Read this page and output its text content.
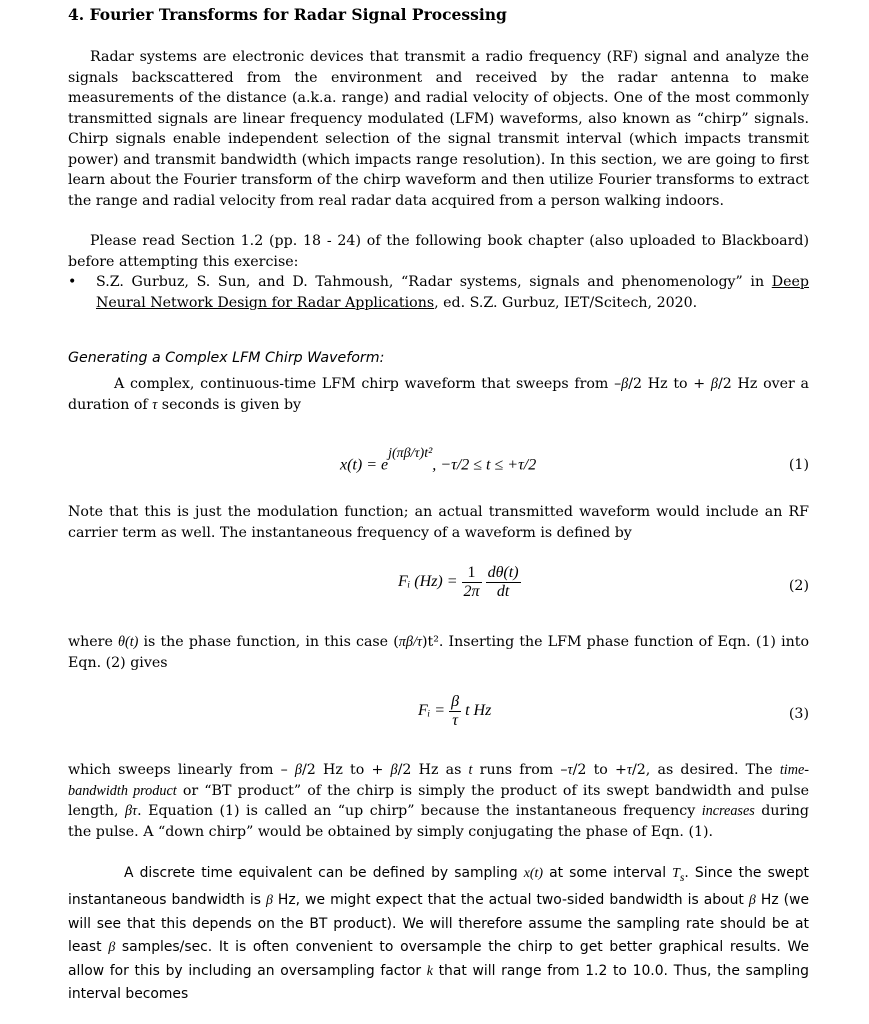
4. Fourier Transforms for Radar Signal Processing

Radar systems are electronic devices that transmit a radio frequency (RF) signal and analyze the signals backscattered from the environment and received by the radar antenna to make measurements of the distance (a.k.a. range) and radial velocity of objects. One of the most commonly transmitted signals are linear frequency modulated (LFM) waveforms, also known as “chirp” signals. Chirp signals enable independent selection of the signal transmit interval (which impacts transmit power) and transmit bandwidth (which impacts range resolution). In this section, we are going to first learn about the Fourier transform of the chirp waveform and then utilize Fourier transforms to extract the range and radial velocity from real radar data acquired from a person walking indoors.

Please read Section 1.2 (pp. 18 - 24) of the following book chapter (also uploaded to Blackboard) before attempting this exercise:

•	S.Z. Gurbuz, S. Sun, and D. Tahmoush, “Radar systems, signals and phenomenology” in Deep Neural Network Design for Radar Applications, ed. S.Z. Gurbuz, IET/Scitech, 2020.
Generating a Complex LFM Chirp Waveform:

A complex, continuous-time LFM chirp waveform that sweeps from –β/2 Hz to + β/2 Hz over a duration of τ seconds is given by

$x(t) = e^{j(\pi\beta/\tau)t^2}$, −τ/2 ≤ t ≤ +τ/2	(1)

Note that this is just the modulation function; an actual transmitted waveform would include an RF carrier term as well. The instantaneous frequency of a waveform is defined by

Fᵢ $(Hz) = \frac{1}{2\pi}$
$\frac{d\theta(t)}{dt}$	(2)

where θ(t) is the phase function, in this case (πβ/τ)t². Inserting the LFM phase function of Eqn. (1) into Eqn. (2) gives

Fᵢ = $\frac{\beta}{\tau}$ t Hz	(3)

which sweeps linearly from – β/2 Hz to + β/2 Hz as t runs from –τ/2 to +τ/2, as desired. The time-bandwidth product or “BT product” of the chirp is simply the product of its swept bandwidth and pulse length, βτ. Equation (1) is called an “up chirp” because the instantaneous frequency increases during the pulse. A “down chirp” would be obtained by simply conjugating the phase of Eqn. (1).

A discrete time equivalent can be defined by sampling x(t) at some interval $T_s$. Since the swept instantaneous bandwidth is β Hz, we might expect that the actual two-sided bandwidth is about β Hz (we will see that this depends on the BT product). We will therefore assume the sampling rate should be at least β samples/sec. It is often convenient to oversample the chirp to get better graphical results. We allow for this by including an oversampling factor k that will range from 1.2 to 10.0. Thus, the sampling interval becomes
